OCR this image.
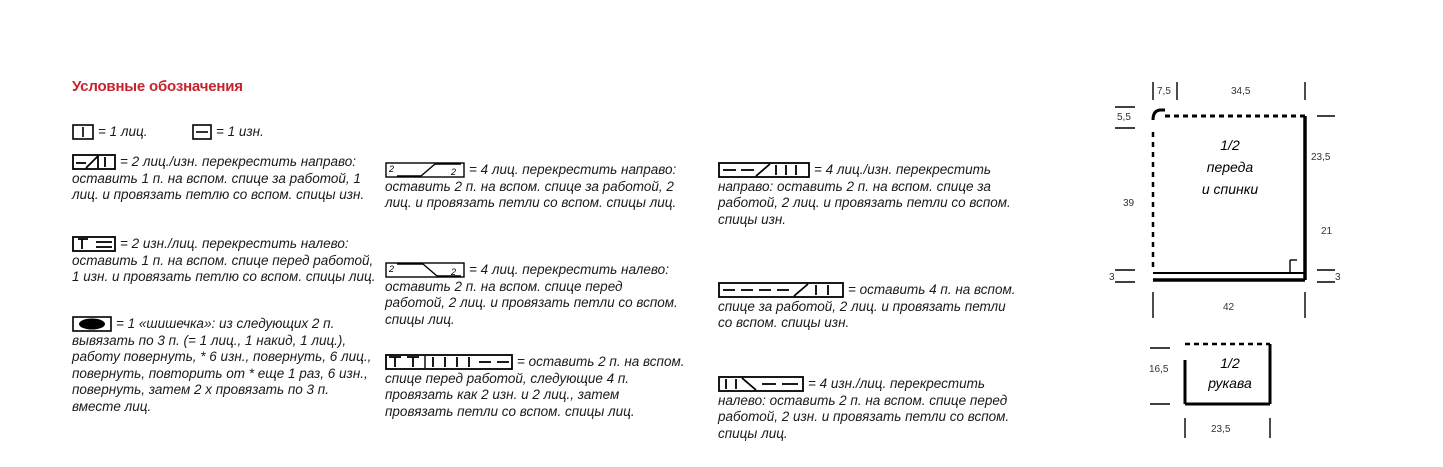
Условные обозначения
= 1 лиц.	= 1 изн.
= 2 лиц./изн. перекрестить направо: оставить 1 п. на вспом. спице за работой, 1 лиц. и провязать петлю со вспом. спицы изн.
= 2 изн./лиц. перекрестить налево: оставить 1 п. на вспом. спице перед работой, 1 изн. и провязать петлю со вспом. спицы лиц.
= 1 «шишечка»: из следующих 2 п. вывязать по 3 п. (= 1 лиц., 1 накид, 1 лиц.), работу повернуть, * 6 изн., повернуть, 6 лиц., повернуть, повторить от * еще 1 раз, 6 изн., повернуть, затем 2 х провязать по 3 п. вместе лиц.
2	2 = 4 лиц. перекрестить направо: оставить 2 п. на вспом. спице за работой, 2 лиц. и провязать петли со вспом. спицы лиц.
2	2 = 4 лиц. перекрестить налево: оставить 2 п. на вспом. спице перед работой, 2 лиц. и провязать петли со вспом. спицы лиц.
= оставить 2 п. на вспом. спице перед работой, следующие 4 п. провязать как 2 изн. и 2 лиц., затем провязать петли со вспом. спицы лиц.
= 4 лиц./изн. перекрестить направо: оставить 2 п. на вспом. спице за работой, 2 лиц. и провязать петли со вспом. спицы изн.
= оставить 4 п. на вспом. спице за работой, 2 лиц. и провязать петли со вспом. спицы изн.
= 4 изн./лиц. перекрестить налево: оставить 2 п. на вспом. спице перед работой, 2 изн. и провязать петли со вспом. спицы лиц.
1/2
переда
и спинки
7,5	34,5
5,5
23,5
39
21
3	3
42
16,5
23,5
1/2
рукава
